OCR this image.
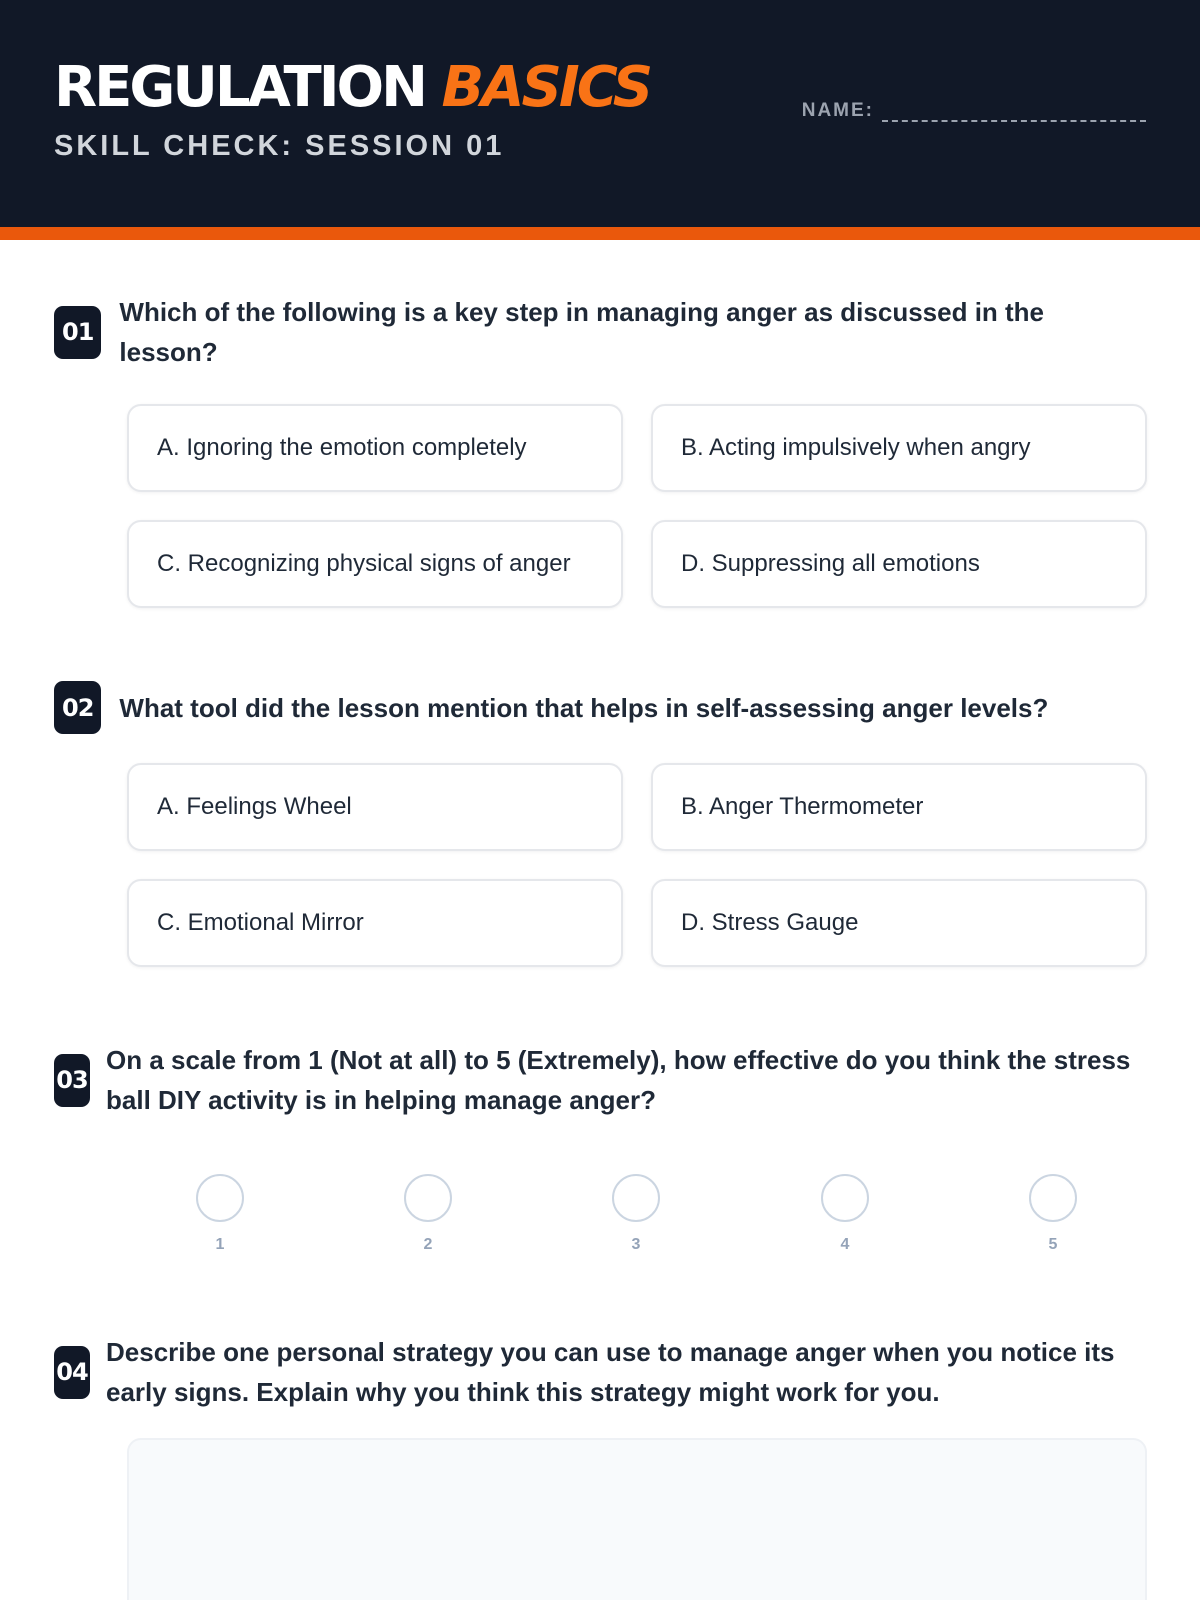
REGULATION BASICS
SKILL CHECK: SESSION 01
NAME:
01
Which of the following is a key step in managing anger as discussed in the lesson?
A. Ignoring the emotion completely	B. Acting impulsively when angry
C. Recognizing physical signs of anger	D. Suppressing all emotions
02	What tool did the lesson mention that helps in self-assessing anger levels?
A. Feelings Wheel	B. Anger Thermometer
C. Emotional Mirror	D. Stress Gauge
03
On a scale from 1 (Not at all) to 5 (Extremely), how effective do you think the stress ball DIY activity is in helping manage anger?
1	2	3	4	5
04
Describe one personal strategy you can use to manage anger when you notice its early signs. Explain why you think this strategy might work for you.
